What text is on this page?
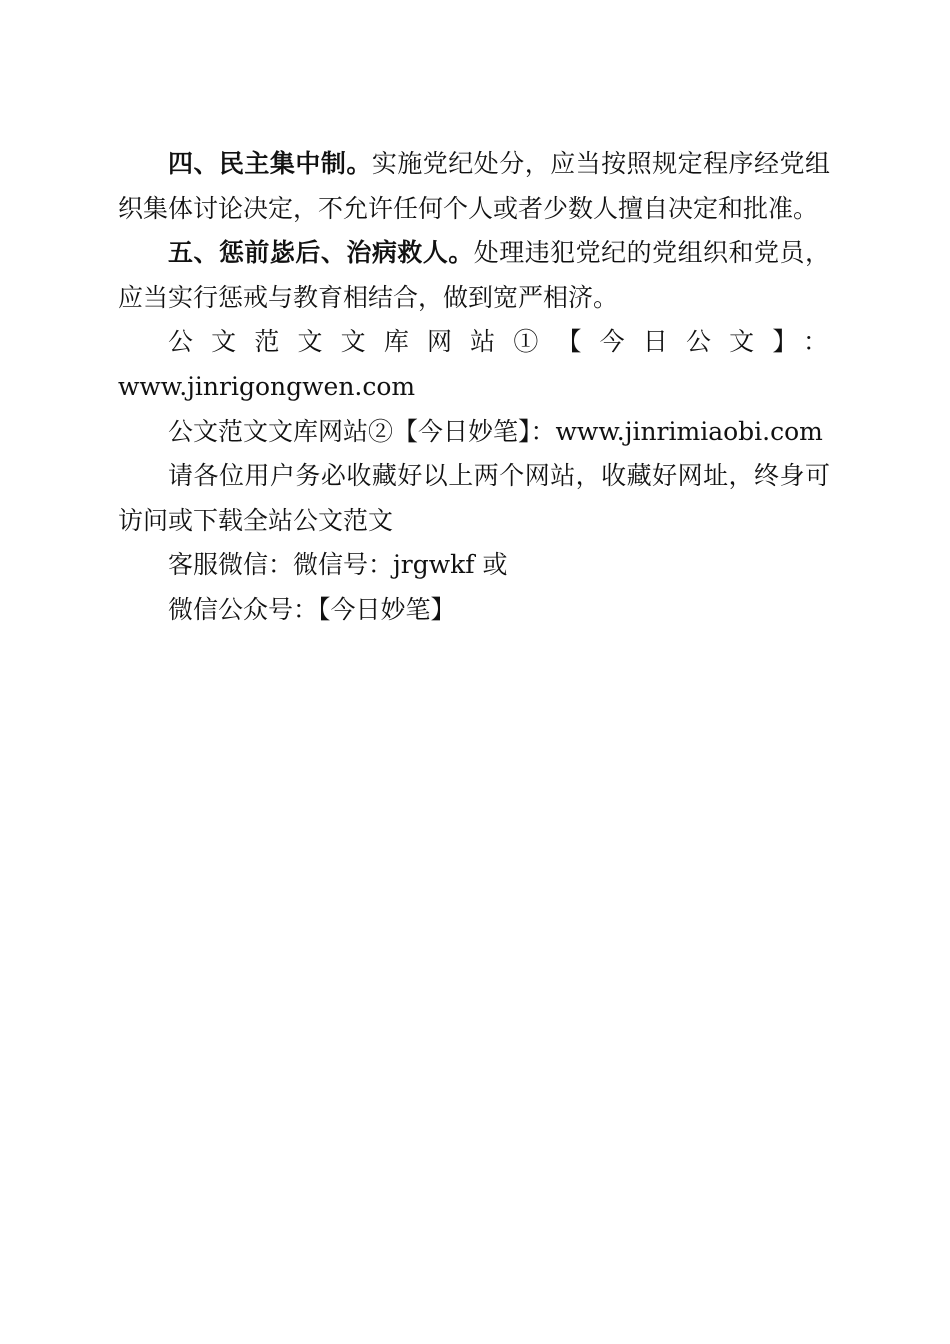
四、民主集中制。实施党纪处分，应当按照规定程序经党组织集体讨论决定，不允许任何个人或者少数人擅自决定和批准。

五、惩前毖后、治病救人。处理违犯党纪的党组织和党员，应当实行惩戒与教育相结合，做到宽严相济。

公文范文文库网站①【今日公文】：

www.jinrigongwen.com

公文范文文库网站②【今日妙笔】：www.jinrimiaobi.com

请各位用户务必收藏好以上两个网站，收藏好网址，终身可访问或下载全站公文范文

客服微信：微信号：jrgwkf 或

微信公众号：【今日妙笔】
